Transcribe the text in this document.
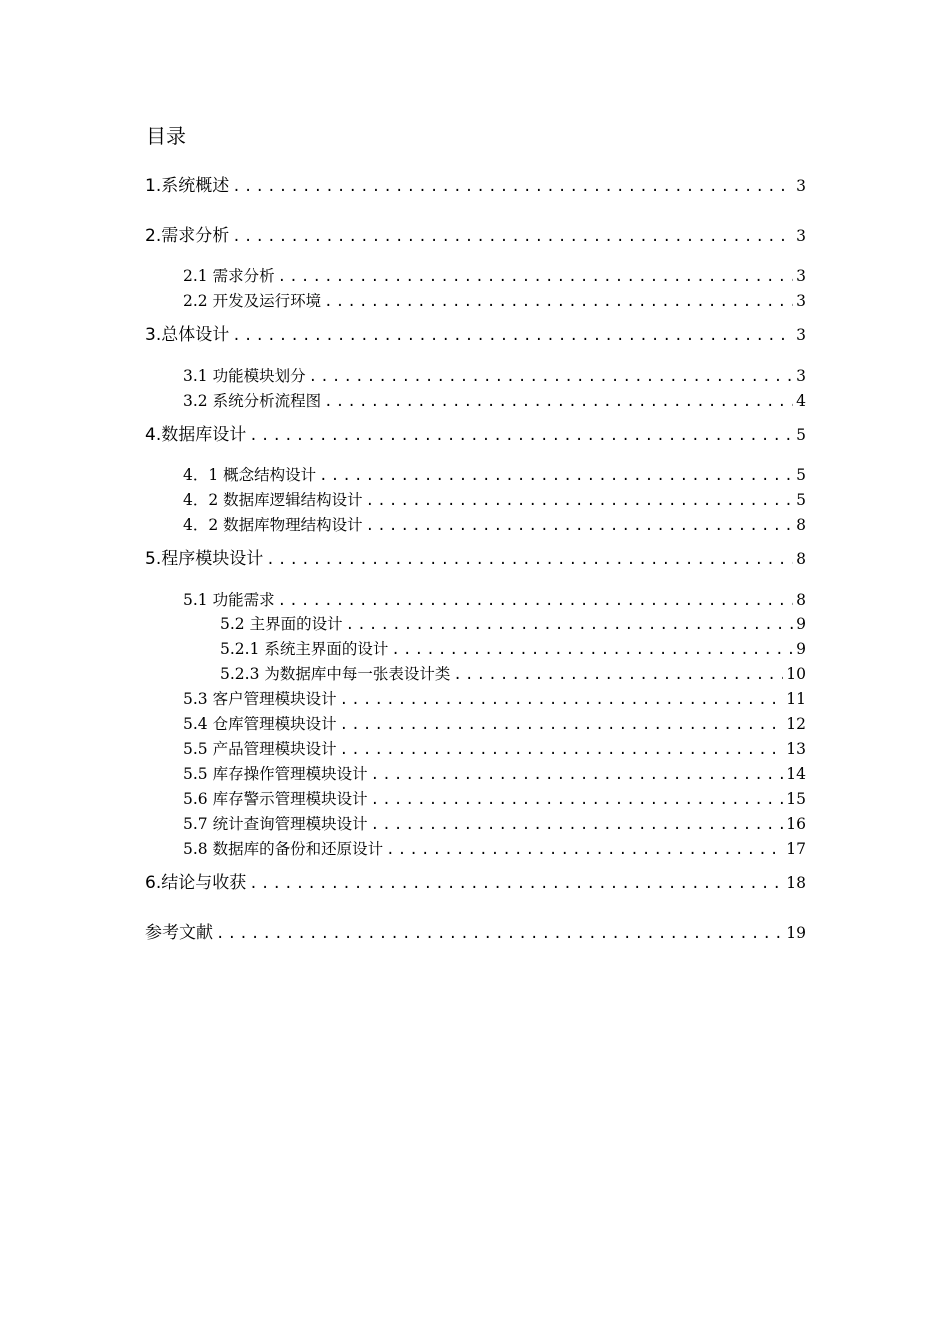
目录
1.系统概述 .....	3
2.需求分析 .....	3
2.1 需求分析 .....	3
2.2 开发及运行环境 .....	3
3.总体设计 .....	3
3.1 功能模块划分 .....	3
3.2 系统分析流程图 .....	4
4.数据库设计 .....	5
4．1 概念结构设计 .....	5
4．2 数据库逻辑结构设计 .....	5
4．2 数据库物理结构设计 .....	8
5.程序模块设计 .....	8
5.1 功能需求 .....	8
5.2 主界面的设计 .....	9
5.2.1 系统主界面的设计 .....	9
5.2.3 为数据库中每一张表设计类 .....	10
5.3 客户管理模块设计 .....	11
5.4 仓库管理模块设计 .....	12
5.5 产品管理模块设计 .....	13
5.5 库存操作管理模块设计 .....	14
5.6 库存警示管理模块设计 .....	15
5.7 统计查询管理模块设计 .....	16
5.8 数据库的备份和还原设计 .....	17
6.结论与收获 .....	18
参考文献 .....	19
